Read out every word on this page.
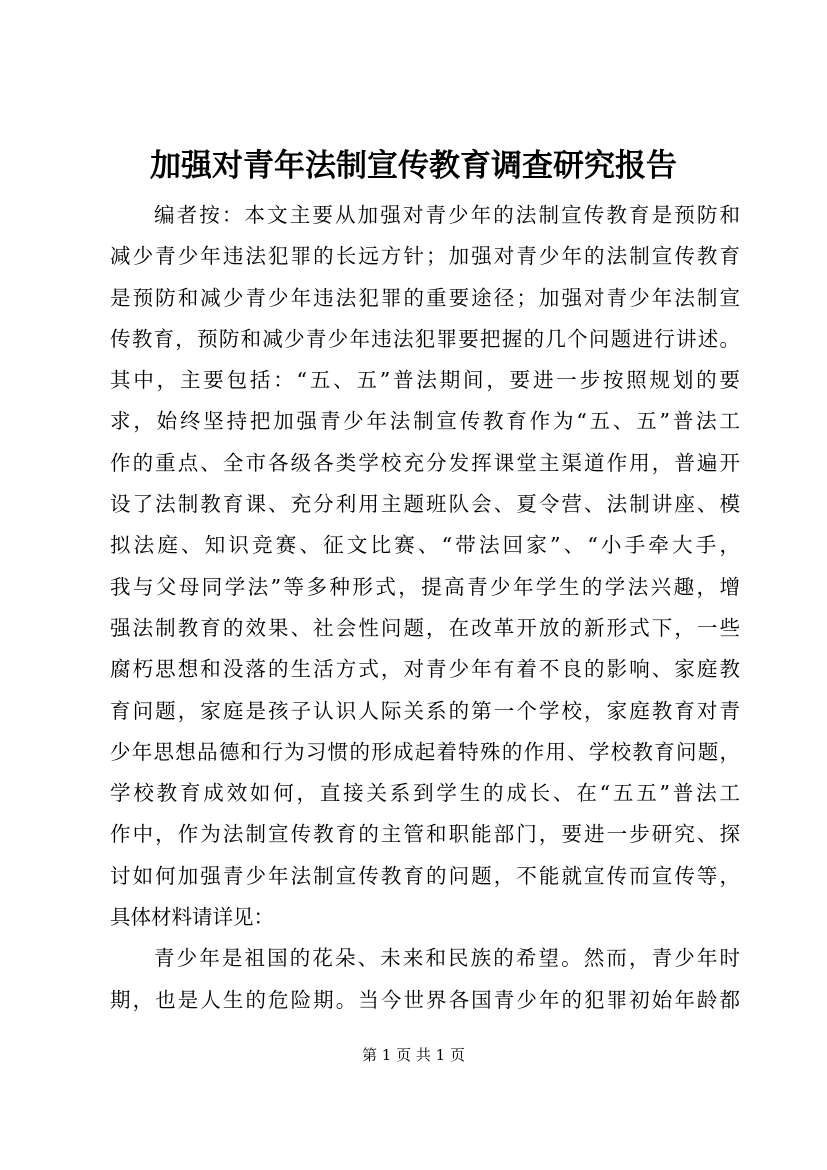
加强对青年法制宣传教育调查研究报告
编者按：本文主要从加强对青少年的法制宣传教育是预防和
减少青少年违法犯罪的长远方针；加强对青少年的法制宣传教育
是预防和减少青少年违法犯罪的重要途径；加强对青少年法制宣
传教育，预防和减少青少年违法犯罪要把握的几个问题进行讲述。
其中，主要包括：“五、五”普法期间，要进一步按照规划的要
求，始终坚持把加强青少年法制宣传教育作为“五、五”普法工
作的重点、全市各级各类学校充分发挥课堂主渠道作用，普遍开
设了法制教育课、充分利用主题班队会、夏令营、法制讲座、模
拟法庭、知识竞赛、征文比赛、“带法回家”、“小手牵大手，
我与父母同学法”等多种形式，提高青少年学生的学法兴趣，增
强法制教育的效果、社会性问题，在改革开放的新形式下，一些
腐朽思想和没落的生活方式，对青少年有着不良的影响、家庭教
育问题，家庭是孩子认识人际关系的第一个学校，家庭教育对青
少年思想品德和行为习惯的形成起着特殊的作用、学校教育问题，
学校教育成效如何，直接关系到学生的成长、在“五五”普法工
作中，作为法制宣传教育的主管和职能部门，要进一步研究、探
讨如何加强青少年法制宣传教育的问题，不能就宣传而宣传等，
具体材料请详见：
青少年是祖国的花朵、未来和民族的希望。然而，青少年时
期，也是人生的危险期。当今世界各国青少年的犯罪初始年龄都
第 1 页 共 1 页
